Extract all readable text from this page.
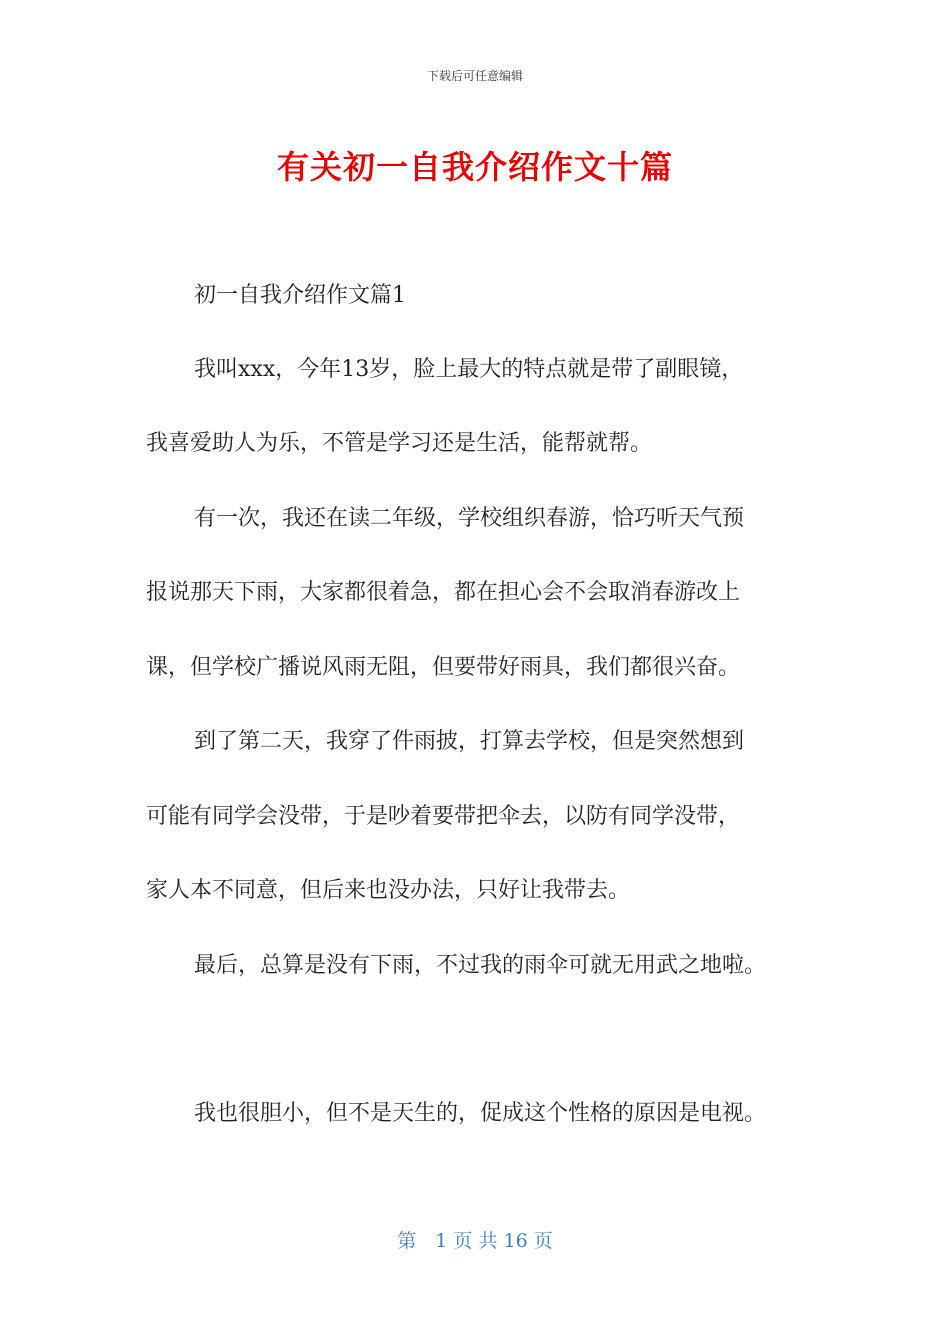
下载后可任意编辑
有关初一自我介绍作文十篇
初一自我介绍作文篇1
我叫xxx，今年13岁，脸上最大的特点就是带了副眼镜，
我喜爱助人为乐，不管是学习还是生活，能帮就帮。
有一次，我还在读二年级，学校组织春游，恰巧听天气预
报说那天下雨，大家都很着急，都在担心会不会取消春游改上
课，但学校广播说风雨无阻，但要带好雨具，我们都很兴奋。
到了第二天，我穿了件雨披，打算去学校，但是突然想到
可能有同学会没带，于是吵着要带把伞去，以防有同学没带，
家人本不同意，但后来也没办法，只好让我带去。
最后，总算是没有下雨，不过我的雨伞可就无用武之地啦。
我也很胆小，但不是天生的，促成这个性格的原因是电视。
第　1 页 共 16 页
